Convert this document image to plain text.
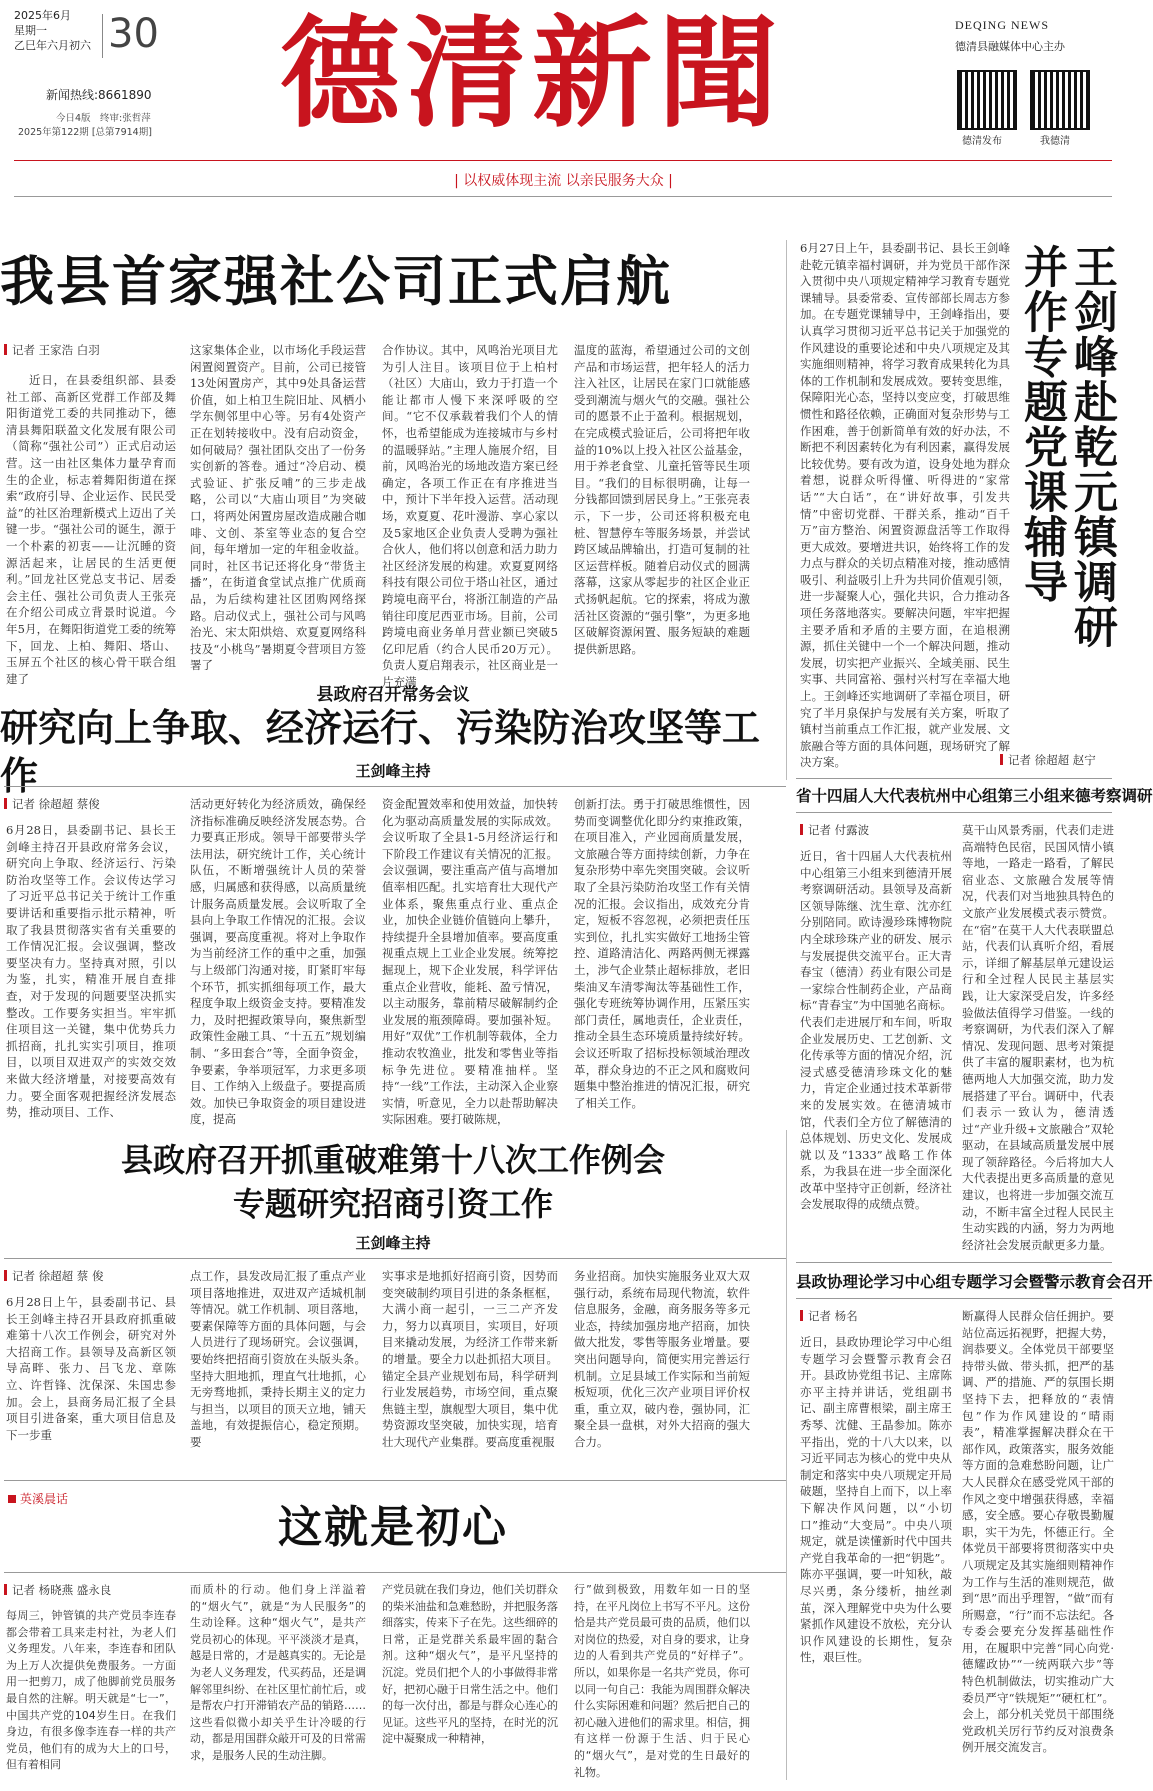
2025年6月
星期一
乙巳年六月初六 30
新闻热线:8661890
今日4版　终审:张哲萍
2025年第122期 [总第7914期] 德清新聞	DEQING NEWS
德清县融媒体中心主办
德清发布	我德清
| 以权威体现主流 以亲民服务大众 |
我县首家强社公司正式启航
记者 王家浩 白羽
近日，在县委组织部、县委社工部、高新区党群工作部及舞阳街道党工委的共同推动下，德清县舞阳联盈文化发展有限公司（简称“强社公司”）正式启动运营。这一由社区集体力量孕育而生的企业，标志着舞阳街道在探索“政府引导、企业运作、民民受益”的社区治理新模式上迈出了关键一步。“强社公司的诞生，源于一个朴素的初衷——让沉睡的资源活起来，让居民的生活更便利。”回龙社区党总支书记、居委会主任、强社公司负责人王张亮在介绍公司成立背景时说道。今年5月，在舞阳街道党工委的统筹下，回龙、上柏、舞阳、塔山、玉屏五个社区的核心骨干联合组建了
这家集体企业，以市场化手段运营闲置阅置资产。目前，公司已接管13处闲置房产，其中9处具备运营价值，如上柏卫生院旧址、风栖小学东侧邻里中心等。另有4处资产正在划转接收中。没有启动资金，如何破局？强社团队交出了一份务实创新的答卷。通过“冷启动、模式验证、扩张反哺”的三步走战略，公司以“大庙山项目”为突破口，将两处闲置房屋改造成融合咖啡、文创、茶室等业态的复合空间，每年增加一定的年租金收益。同时，社区书记还将化身“带货主播”，在街道食堂试点推广优质商品，为后续构建社区团购网络探路。启动仪式上，强社公司与风鸣治光、宋太阳烘焙、欢夏夏网络科技及“小桃鸟”暑期夏令营项目方签署了
合作协议。其中，风鸣治光项目尤为引人注目。该项目位于上柏村（社区）大庙山，致力于打造一个能让都市人慢下来深呼吸的空间。“它不仅承载着我们个人的情怀，也希望能成为连接城市与乡村的温暖驿站。”主理人施展介绍，目前，风鸣治光的场地改造方案已经确定，各项工作正在有序推进当中，预计下半年投入运营。活动现场，欢夏夏、花叶漫游、享心家以及5家地区企业负责人受聘为强社合伙人，他们将以创意和活力助力社区经济发展的构建。欢夏夏网络科技有限公司位于塔山社区，通过跨境电商平台，将浙江制造的产品销往印度尼西亚市场。目前，公司跨境电商业务单月营业额已突破5亿印尼盾（约合人民币20万元）。负责人夏启翔表示，社区商业是一片充满
温度的蓝海，希望通过公司的文创产品和市场运营，把年轻人的活力注入社区，让居民在家门口就能感受到潮流与烟火气的交融。强社公司的愿景不止于盈利。根据规划，在完成模式验证后，公司将把年收益的10%以上投入社区公益基金，用于养老食堂、儿童托管等民生项目。“我们的目标很明确，让每一分钱都回馈到居民身上。”王张亮表示，下一步，公司还将积极充电桩、智慧停车等服务场景，并尝试跨区域品牌输出，打造可复制的社区运营样板。随着启动仪式的圆满落幕，这家从零起步的社区企业正式扬帆起航。它的探索，将成为激活社区资源的“强引擎”，为更多地区破解资源闲置、服务短缺的难题提供新思路。
6月27日上午，县委副书记、县长王剑峰赴乾元镇幸福村调研，并为党员干部作深入贯彻中央八项规定精神学习教育专题党课辅导。县委常委、宣传部部长周志方参加。在专题党课辅导中，王剑峰指出，要认真学习贯彻习近平总书记关于加强党的作风建设的重要论述和中央八项规定及其实施细则精神，将学习教育成果转化为具体的工作机制和发展成效。要转变思维，保障阳光心态，坚持以变应变，打破思维惯性和路径依赖，正确面对复杂形势与工作困难，善于创新简单有效的好办法，不断把不利因素转化为有利因素，赢得发展比较优势。要有改为道，设身处地为群众着想，说群众听得懂、听得进的“家常话”“大白话”，在“讲好故事，引发共情”中密切党群、干群关系，推动“百千万”亩方整治、闲置资源盘活等工作取得更大成效。要增进共识，始终将工作的发力点与群众的关切点精准对接，推动感情吸引、利益吸引上升为共同价值观引领，进一步凝聚人心，强化共识，合力推动各项任务落地落实。要解决问题，牢牢把握主要矛盾和矛盾的主要方面，在追根溯源，抓住关键中一个一个解决问题，推动发展，切实把产业振兴、全域美丽、民生实事、共同富裕、强村兴村写在幸福大地上。王剑峰还实地调研了幸福仓项目，研究了半月泉保护与发展有关方案，听取了镇村当前重点工作汇报，就产业发展、文旅融合等方面的具体问题，现场研究了解决方案。
王剑峰赴乾元镇调研并作专题党课辅导
记者 徐超超 赵宁
县政府召开常务会议
研究向上争取、经济运行、污染防治攻坚等工作	王剑峰主持
记者 徐超超 蔡俊
6月28日，县委副书记、县长王剑峰主持召开县政府常务会议，研究向上争取、经济运行、污染防治攻坚等工作。会议传达学习了习近平总书记关于统计工作重要讲话和重要指示批示精神，听取了我县贯彻落实省有关重要的工作情况汇报。会议强调，整改要坚决有力。坚持真对照，引以为鉴，扎实，精准开展自查排查，对于发现的问题要坚决抓实整改。工作要务实担当。牢牢抓住项目这一关键，集中优势兵力抓招商，扎扎实实引项目，推项目，以项目双进双产的实效交效来做大经济增量，对接要高效有力。要全面客观把握经济发展态势，推动项目、工作、
活动更好转化为经济质效，确保经济指标准确反映经济发展态势。合力要真正形成。领导干部要带头学法用法，研究统计工作，关心统计队伍，不断增强统计人员的荣誉感，归属感和获得感，以高质量统计服务高质量发展。会议听取了全县向上争取工作情况的汇报。会议强调，要高度重视。将对上争取作为当前经济工作的重中之重，加强与上级部门沟通对接，盯紧盯牢每个环节，抓实抓细每项工作，最大程度争取上级资金支持。要精准发力，及时把握政策导向，聚焦新型政策性金融工具、“十五五”规划编制、“多田套合”等，全面争资金，争要素，争举项冠军，力求更多项目、工作纳入上级盘子。要提高质效。加快已争取资金的项目建设进度，提高
资金配置效率和使用效益，加快转化为驱动高质量发展的实际成效。会议听取了全县1-5月经济运行和下阶段工作建议有关情况的汇报。会议强调，要注重高产值与高增加值率相匹配。扎实培育壮大现代产业体系，聚焦重点行业、重点企业，加快企业链价值链向上攀升，持续提升全县增加值率。要高度重视重点规上工业企业发展。统筹挖掘现上，规下企业发展，科学评估重点企业营收，能耗、盈亏情况，以主动服务，靠前精尽破解制约企业发展的瓶颈障碍。要加强补短。用好“双优”工作机制等载体，全力推动农牧渔业，批发和零售业等指标争先进位。要精准抽样。坚持“一线”工作法，主动深入企业察实情，听意见，全力以赴帮助解决实际困难。要打破陈规，
创新打法。勇于打破思维惯性，因势而变调整优化即分约束推政策，在项目准入，产业园商质量发展，文旅融合等方面持续创新，力争在复杂形势中率先突围突破。会议听取了全县污染防治攻坚工作有关情况的汇报。会议指出，成效充分肯定，短板不容忽视，必须把责任压实到位，扎扎实实做好工地扬尘管控、道路清洁化、两路两侧无裸露土，涉气企业禁止超标排放，老旧柴油叉车清零淘汰等基础性工作，强化专班统筹协调作用，压紧压实部门责任，属地责任，企业责任，推动全县生态环境质量持续好转。会议还听取了招标投标领域治理改革，群众身边的不正之风和腐败问题集中整治推进的情况汇报，研究了相关工作。
省十四届人大代表杭州中心组第三小组来德考察调研
记者 付露波
近日，省十四届人大代表杭州中心组第三小组来到德清开展考察调研活动。县领导及高新区领导陈继、沈生章、沈亦红分别陪同。欧诗漫珍珠博物院内全球珍珠产业的研发、展示与发展提供交流平台。正大青春宝（德清）药业有限公司是一家综合性制药企业，产品商标“青春宝”为中国驰名商标。代表们走进展厅和车间，听取企业发展历史、工艺创新、文化传承等方面的情况介绍，沉浸式感受德清珍珠文化的魅力，肯定企业通过技术革新带来的发展实效。在德清城市馆，代表们全方位了解德清的总体规划、历史文化、发展成就以及“1333”战略工作体系，为我县在进一步全面深化改革中坚持守正创新，经济社会发展取得的成绩点赞。
莫干山风景秀丽，代表们走进高端特色民宿，民国风情小镇等地，一路走一路看，了解民宿业态、文旅融合发展等情况，代表们对当地独具特色的文旅产业发展模式表示赞赏。在“宿”在莫干人大代表联盟总站，代表们认真听介绍，看展示，详细了解基层单元建设运行和全过程人民民主基层实践，让大家深受启发，许多经验做法值得学习借鉴。一线的考察调研，为代表们深入了解情况、发现问题、思考对策提供了丰富的履职素材，也为杭德两地人大加强交流，助力发展搭建了平台。调研中，代表们表示一致认为，德清透过“产业升级+文旅融合”双轮驱动，在县域高质量发展中展现了领辞路径。今后将加大人大代表提出更多高质量的意见建议，也将进一步加强交流互动，不断丰富全过程人民民主生动实践的内涵，努力为两地经济社会发展贡献更多力量。
县政府召开抓重破难第十八次工作例会
专题研究招商引资工作
王剑峰主持
记者 徐超超 蔡 俊
6月28日上午，县委副书记、县长王剑峰主持召开县政府抓重破难第十八次工作例会，研究对外大招商工作。县领导及高新区领导高畔、张力、吕飞龙、章陈立、许哲锋、沈保深、朱国忠参加。会上，县商务局汇报了全县项目引进备案，重大项目信息及下一步重
点工作，县发改局汇报了重点产业项目落地推进，双进双产适城机制等情况。就工作机制、项目落地，要素保障等方面的具体问题，与会人员进行了现场研究。会议强调，要始终把招商引资放在头版头条。坚持大胆地抓，理直气壮地抓，心无旁骛地抓，秉持长期主义的定力与担当，以项目的顶天立地，铺天盖地，有效提振信心，稳定预期。要
实事求是地抓好招商引资，因势而变突破制约项目引进的条条框框，大满小商一起引，一三二产齐发力，努力以真项目，实项目，好项目来撬动发展，为经济工作带来新的增量。要全力以赴抓招大项目。锚定全县产业规划布局，科学研判行业发展趋势，市场空间，重点聚焦链主型，旗舰型大项目，集中优势资源攻坚突破，加快实现，培育壮大现代产业集群。要高度重视服
务业招商。加快实施服务业双大双强行动，系统布局现代物流，软件信息服务，金融，商务服务等多元业态，持续加强房地产招商，加快做大批发，零售等服务业增量。要突出问题导向，简便实用完善运行机制。立足县域工作实际和当前短板短项，优化三次产业项目评价权重，重立双，破内卷，强协同，汇聚全县一盘棋，对外大招商的强大合力。
县政协理论学习中心组专题学习会暨警示教育会召开
记者 杨名
近日，县政协理论学习中心组专题学习会暨警示教育会召开。县政协党组书记、主席陈亦平主持并讲话，党组副书记、副主席曹根梁，副主席王秀琴、沈健、王晶参加。陈亦平指出，党的十八大以来，以习近平同志为核心的党中央从制定和落实中央八项规定开局破题，坚持自上而下，以上率下解决作风问题，以“小切口”推动“大变局”。中央八项规定，就是读懂新时代中国共产党自我革命的一把“钥匙”。陈亦平强调，要一叶知秋，敲尽兴勇，条分缕析，抽丝剥茧，深入理解党中央为什么要紧抓作风建设不放松，充分认识作风建设的长期性，复杂性，艰巨性。
断赢得人民群众信任拥护。要站位高远拓视野，把握大势，润恭要义。全体党员干部要坚持带头做、带头抓，把严的基调、严的措施、严的氛围长期坚持下去，把释放的“表情包”作为作风建设的“晴雨表”，精准掌握解决群众在干部作风，政策落实，服务效能等方面的急难愁盼问题，让广大人民群众在感受党风干部的作风之变中增强获得感，幸福感，安全感。要心存敬畏勤履职，实干为先，怀德正行。全体党员干部要将贯彻落实中央八项规定及其实施细则精神作为工作与生活的准则规范，做到“思”而出乎理智，“做”而有所赐意，“行”而不忘法纪。各专委会要充分发挥基础性作用，在履职中完善“同心向党·德耀政协”“一统两联六步”等特色机制做法，切实推动广大委员严守“铁规矩”“硬杠杠”。会上，部分机关党员干部围绕党政机关厉行节约反对浪费条例开展交流发言。
英溪晨话
这就是初心
记者 杨晓燕 盛永良
每周三，钟管镇的共产党员李连春都会带着工具来走村社，为老人们义务理发。八年来，李连春和团队为上万人次提供免费服务。一方面用一把剪刀，成了他脚前党员服务最自然的注解。明天就是“七一”，中国共产党的104岁生日。在我们身边，有很多像李连春一样的共产党员，他们有的成为大上的口号，但有着相同
而质朴的行动。他们身上洋溢着的“烟火气”，就是“为人民服务”的生动诠释。这种“烟火气”，是共产党员初心的体现。平平淡淡才是真，越是日常的，才是越真实的。无论是为老人义务理发，代买药品，还是调解邻里纠纷、在社区里忙前忙后，或是帮农户打开滞销农产品的销路……这些看似微小却关乎生计冷暖的行动，都是用国群众敲开可及的日常需求，是服务人民的生动注脚。
产党员就在我们身边，他们关切群众的柴米油盐和急难愁盼，并把服务落细落实，传来下子在先。这些细碎的日常，正是党群关系最牢固的黏合剂。这种“烟火气”，是平凡坚持的沉淀。党员们把个人的小事做得非常好，把初心融于日常生活之中。他们的每一次付出，都是与群众心连心的见证。这些平凡的坚持，在时光的沉淀中凝聚成一种精神，
行”做到极致，用数年如一日的坚持，在平凡岗位上书写不平凡。这份恰是共产党员最可贵的品质，他们以对岗位的热爱，对自身的要求，让身边的人看到共产党员的“好样子”。所以，如果你是一名共产党员，你可以同一句自己：我能为周围群众解决什么实际困难和问题？然后把自己的初心融入进他们的需求里。相信，拥有这样一份源于生活、归于民心的“烟火气”，是对党的生日最好的礼物。
